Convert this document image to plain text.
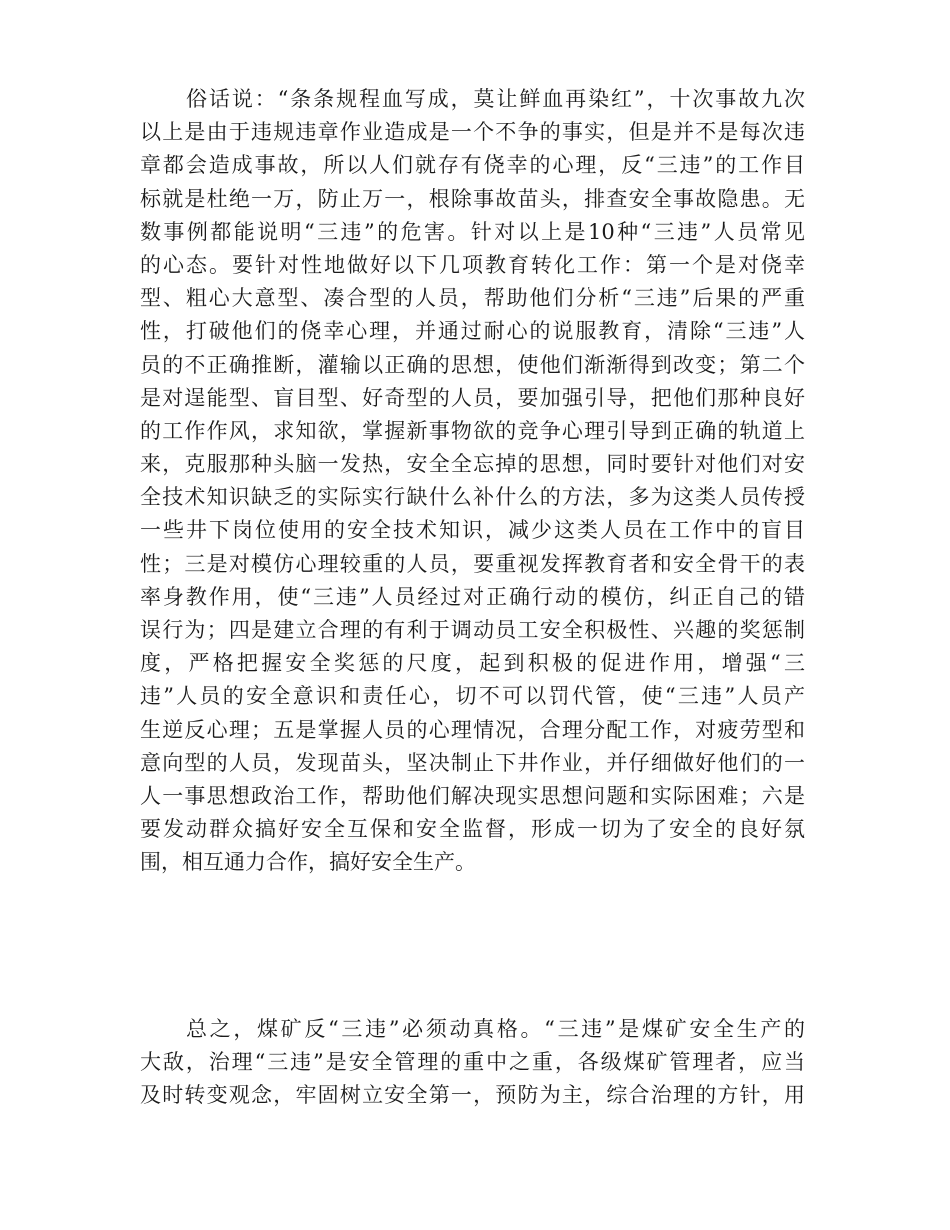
俗话说：“条条规程血写成，莫让鲜血再染红”，十次事故九次
以上是由于违规违章作业造成是一个不争的事实，但是并不是每次违
章都会造成事故，所以人们就存有侥幸的心理，反“三违”的工作目
标就是杜绝一万，防止万一，根除事故苗头，排查安全事故隐患。无
数事例都能说明“三违”的危害。针对以上是10种“三违”人员常见
的心态。要针对性地做好以下几项教育转化工作：第一个是对侥幸
型、粗心大意型、凑合型的人员，帮助他们分析“三违”后果的严重
性，打破他们的侥幸心理，并通过耐心的说服教育，清除“三违”人
员的不正确推断，灌输以正确的思想，使他们渐渐得到改变；第二个
是对逞能型、盲目型、好奇型的人员，要加强引导，把他们那种良好
的工作作风，求知欲，掌握新事物欲的竞争心理引导到正确的轨道上
来，克服那种头脑一发热，安全全忘掉的思想，同时要针对他们对安
全技术知识缺乏的实际实行缺什么补什么的方法，多为这类人员传授
一些井下岗位使用的安全技术知识，减少这类人员在工作中的盲目
性；三是对模仿心理较重的人员，要重视发挥教育者和安全骨干的表
率身教作用，使“三违”人员经过对正确行动的模仿，纠正自己的错
误行为；四是建立合理的有利于调动员工安全积极性、兴趣的奖惩制
度，严格把握安全奖惩的尺度，起到积极的促进作用，增强“三
违”人员的安全意识和责任心，切不可以罚代管，使“三违”人员产
生逆反心理；五是掌握人员的心理情况，合理分配工作，对疲劳型和
意向型的人员，发现苗头，坚决制止下井作业，并仔细做好他们的一
人一事思想政治工作，帮助他们解决现实思想问题和实际困难；六是
要发动群众搞好安全互保和安全监督，形成一切为了安全的良好氛
围，相互通力合作，搞好安全生产。
总之，煤矿反“三违”必须动真格。“三违”是煤矿安全生产的
大敌，治理“三违”是安全管理的重中之重，各级煤矿管理者，应当
及时转变观念，牢固树立安全第一，预防为主，综合治理的方针，用
